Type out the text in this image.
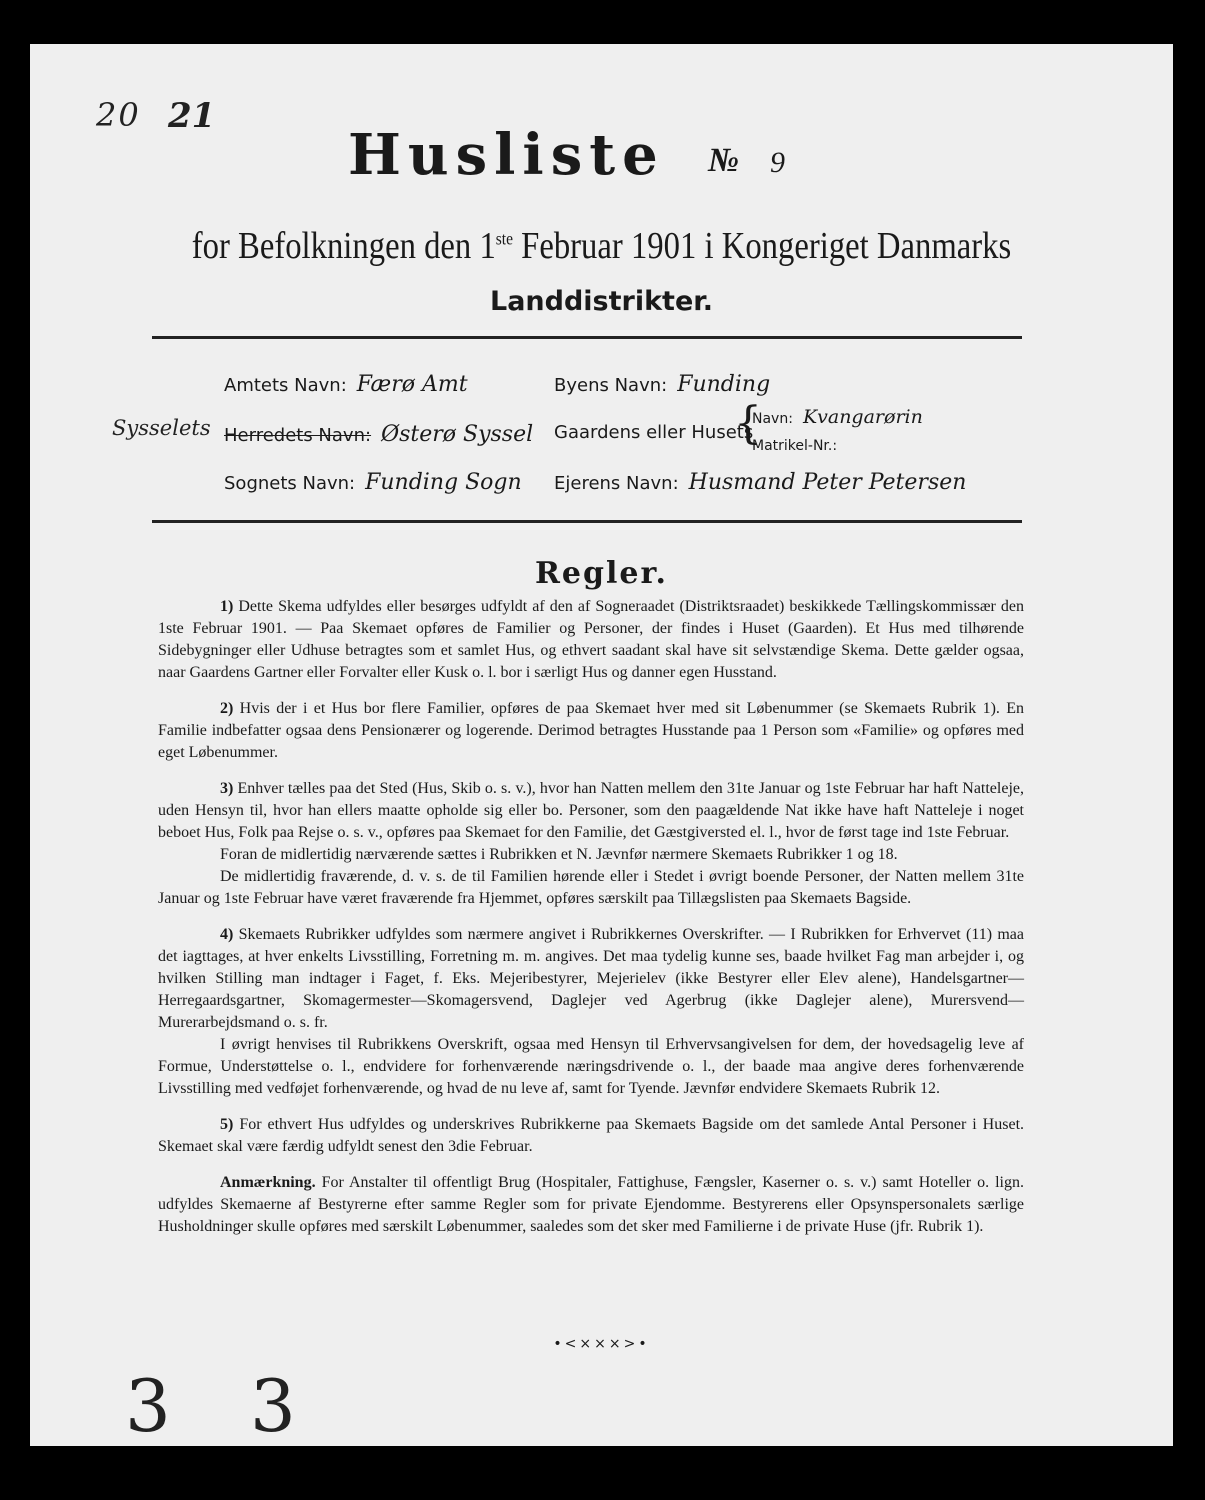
20 21
Sysselets
Husliste № 9
for Befolkningen den 1ste Februar 1901 i Kongeriget Danmarks
Landdistrikter.
Amtets Navn: Færø Amt	Byens Navn: Funding
Herredets Navn: Østerø Syssel Gaardens eller Husets
{
Navn: Kvangarørin
Matrikel-Nr.:
Sognets Navn: Funding Sogn Ejerens Navn: Husmand Peter Petersen
Regler.

1) Dette Skema udfyldes eller besørges udfyldt af den af Sogneraadet (Distriktsraadet) beskikkede Tællingskommissær den 1ste Februar 1901. — Paa Skemaet opføres de Familier og Personer, der findes i Huset (Gaarden). Et Hus med tilhørende Sidebygninger eller Udhuse betragtes som et samlet Hus, og ethvert saadant skal have sit selvstændige Skema. Dette gælder ogsaa, naar Gaardens Gartner eller Forvalter eller Kusk o. l. bor i særligt Hus og danner egen Husstand.

2) Hvis der i et Hus bor flere Familier, opføres de paa Skemaet hver med sit Løbenummer (se Skemaets Rubrik 1). En Familie indbefatter ogsaa dens Pensionærer og logerende. Derimod betragtes Husstande paa 1 Person som «Familie» og opføres med eget Løbenummer.

3) Enhver tælles paa det Sted (Hus, Skib o. s. v.), hvor han Natten mellem den 31te Januar og 1ste Februar har haft Natteleje, uden Hensyn til, hvor han ellers maatte opholde sig eller bo. Personer, som den paagældende Nat ikke have haft Natteleje i noget beboet Hus, Folk paa Rejse o. s. v., opføres paa Skemaet for den Familie, det Gæstgiversted el. l., hvor de først tage ind 1ste Februar.

Foran de midlertidig nærværende sættes i Rubrikken et N. Jævnfør nærmere Skemaets Rubrikker 1 og 18.

De midlertidig fraværende, d. v. s. de til Familien hørende eller i Stedet i øvrigt boende Personer, der Natten mellem 31te Januar og 1ste Februar have været fraværende fra Hjemmet, opføres særskilt paa Tillægslisten paa Skemaets Bagside.

4) Skemaets Rubrikker udfyldes som nærmere angivet i Rubrikkernes Overskrifter. — I Rubrikken for Erhvervet (11) maa det iagttages, at hver enkelts Livsstilling, Forretning m. m. angives. Det maa tydelig kunne ses, baade hvilket Fag man arbejder i, og hvilken Stilling man indtager i Faget, f. Eks. Mejeribestyrer, Mejerielev (ikke Bestyrer eller Elev alene), Handelsgartner—Herregaardsgartner, Skomagermester—Skomagersvend, Daglejer ved Agerbrug (ikke Daglejer alene), Murersvend—Murerarbejdsmand o. s. fr.

I øvrigt henvises til Rubrikkens Overskrift, ogsaa med Hensyn til Erhvervsangivelsen for dem, der hovedsagelig leve af Formue, Understøttelse o. l., endvidere for forhenværende næringsdrivende o. l., der baade maa angive deres forhenværende Livsstilling med vedføjet forhenværende, og hvad de nu leve af, samt for Tyende. Jævnfør endvidere Skemaets Rubrik 12.

5) For ethvert Hus udfyldes og underskrives Rubrikkerne paa Skemaets Bagside om det samlede Antal Personer i Huset. Skemaet skal være færdig udfyldt senest den 3die Februar.

Anmærkning. For Anstalter til offentligt Brug (Hospitaler, Fattighuse, Fængsler, Kaserner o. s. v.) samt Hoteller o. lign. udfyldes Skemaerne af Bestyrerne efter samme Regler som for private Ejendomme. Bestyrerens eller Opsynspersonalets særlige Husholdninger skulle opføres med særskilt Løbenummer, saaledes som det sker med Familierne i de private Huse (jfr. Rubrik 1).

•<×××>•
3 3
